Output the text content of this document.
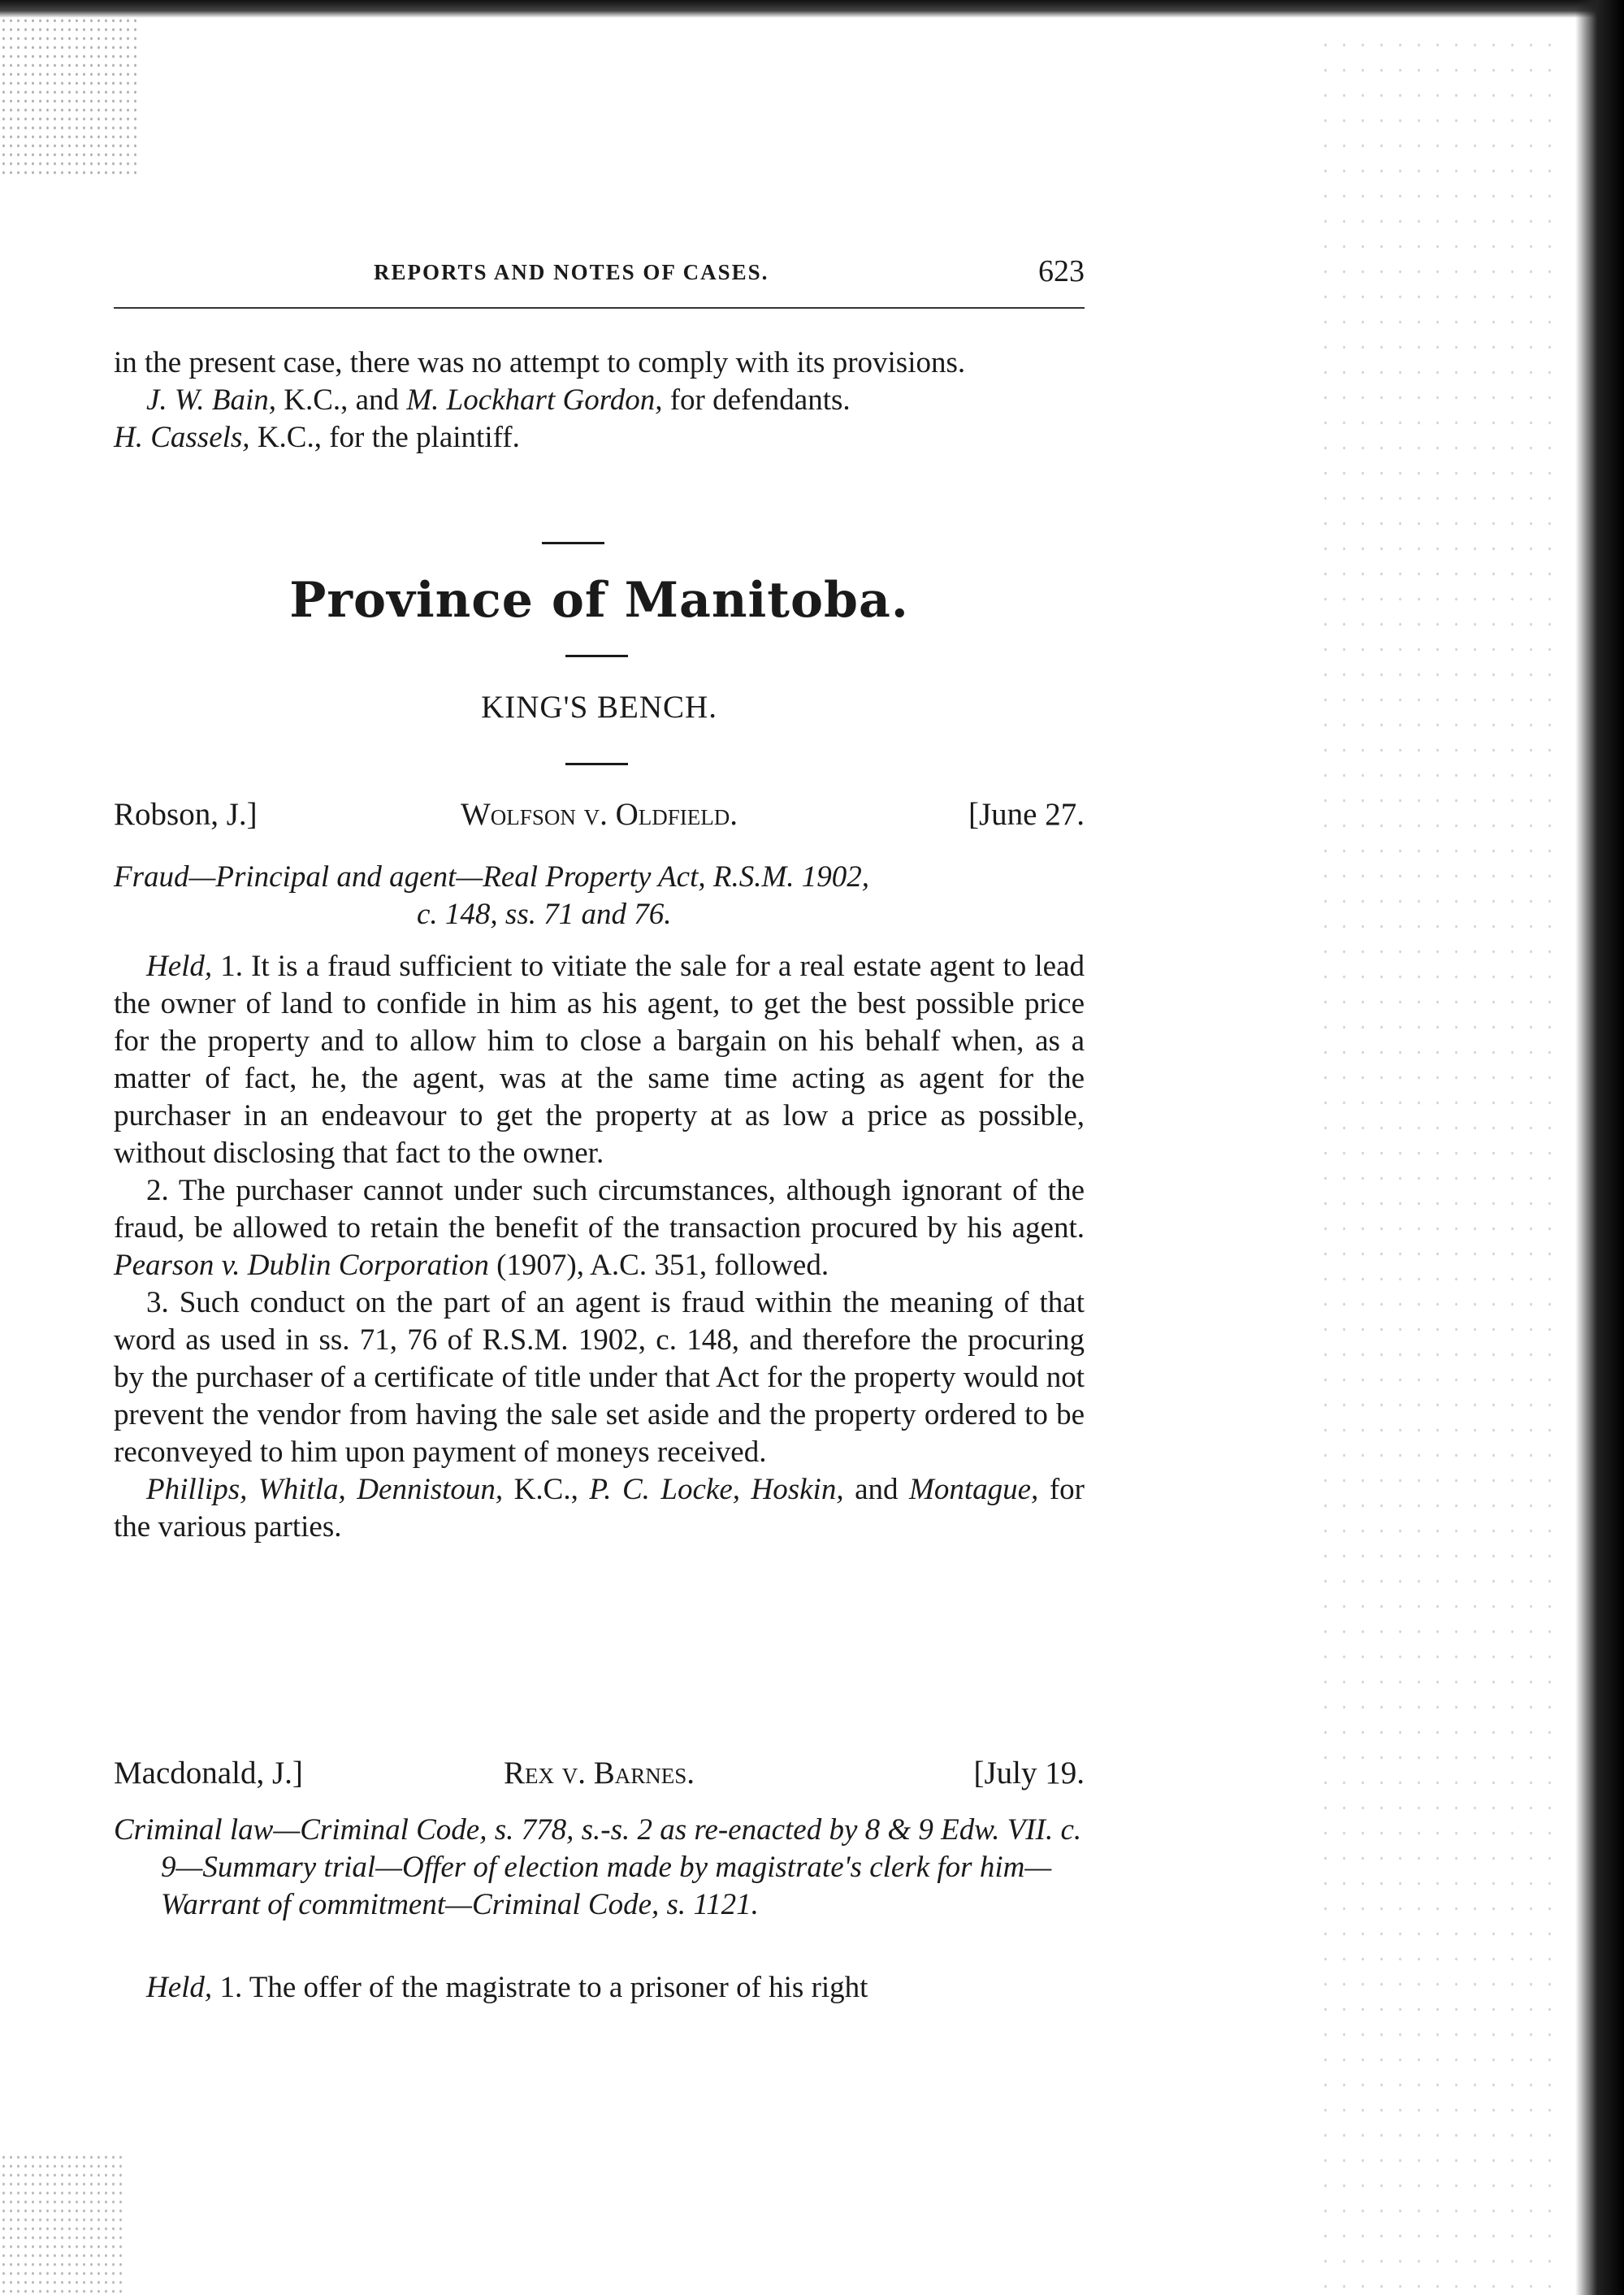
REPORTS AND NOTES OF CASES.	623

in the present case, there was no attempt to comply with its provisions.

J. W. Bain, K.C., and M. Lockhart Gordon, for defendants.

H. Cassels, K.C., for the plaintiff.

Province of Manitoba.
KING'S BENCH.
Robson, J.]	Wolfson v. Oldfield.	[June 27.
Fraud—Principal and agent—Real Property Act, R.S.M. 1902,
c. 148, ss. 71 and 76.

Held, 1. It is a fraud sufficient to vitiate the sale for a real estate agent to lead the owner of land to confide in him as his agent, to get the best possible price for the property and to allow him to close a bargain on his behalf when, as a matter of fact, he, the agent, was at the same time acting as agent for the purchaser in an endeavour to get the property at as low a price as possible, without disclosing that fact to the owner.

2. The purchaser cannot under such circumstances, although ignorant of the fraud, be allowed to retain the benefit of the transaction procured by his agent. Pearson v. Dublin Corporation (1907), A.C. 351, followed.

3. Such conduct on the part of an agent is fraud within the meaning of that word as used in ss. 71, 76 of R.S.M. 1902, c. 148, and therefore the procuring by the purchaser of a certificate of title under that Act for the property would not prevent the vendor from having the sale set aside and the property ordered to be reconveyed to him upon payment of moneys received.

Phillips, Whitla, Dennistoun, K.C., P. C. Locke, Hoskin, and Montague, for the various parties.

Macdonald, J.]	Rex v. Barnes.	[July 19.
Criminal law—Criminal Code, s. 778, s.-s. 2 as re-enacted by 8 & 9 Edw. VII. c. 9—Summary trial—Offer of election made by magistrate's clerk for him—Warrant of commitment—Criminal Code, s. 1121.

Held, 1. The offer of the magistrate to a prisoner of his right
